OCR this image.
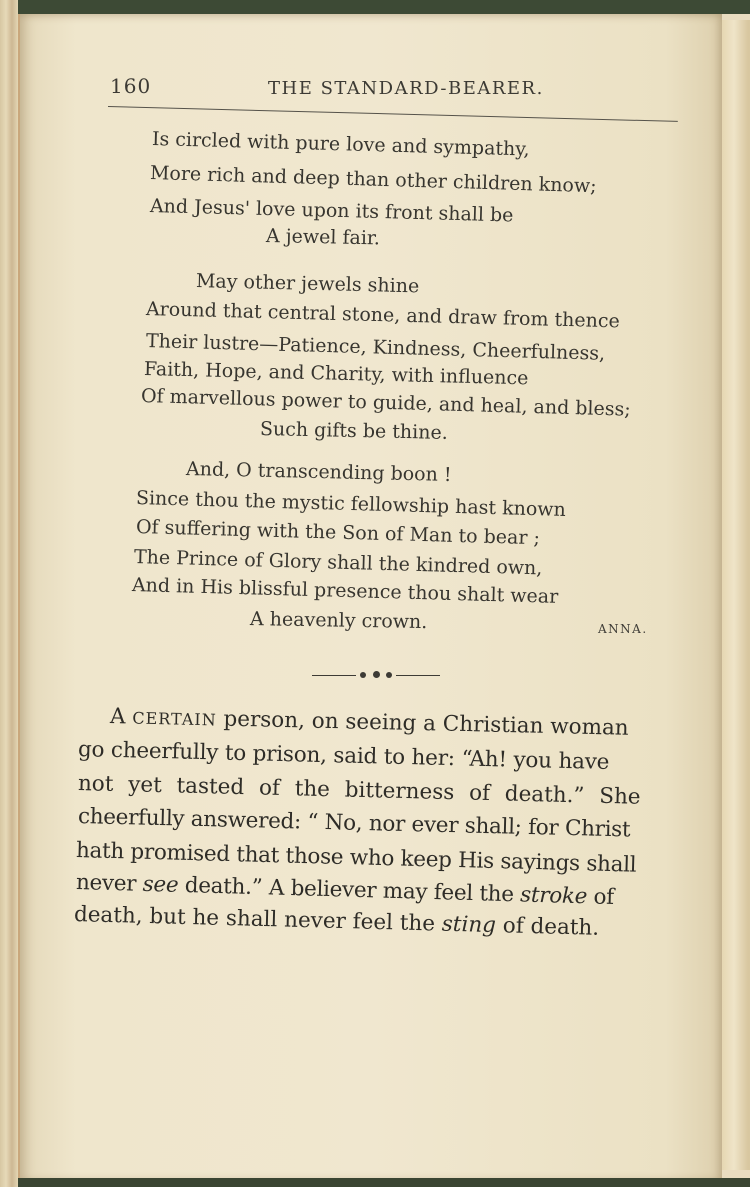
160	THE STANDARD-BEARER.
Is circled with pure love and sympathy,
More rich and deep than other children know;
And Jesus' love upon its front shall be
A jewel fair.
May other jewels shine
Around that central stone, and draw from thence
Their lustre—Patience, Kindness, Cheerfulness,
Faith, Hope, and Charity, with influence
Of marvellous power to guide, and heal, and bless;
Such gifts be thine.
And, O transcending boon !
Since thou the mystic fellowship hast known
Of suffering with the Son of Man to bear ;
The Prince of Glory shall the kindred own,
And in His blissful presence thou shalt wear
A heavenly crown.	ANNA.
A CERTAIN person, on seeing a Christian woman
go cheerfully to prison, said to her: “Ah! you have
not yet tasted of the bitterness of death.” She
cheerfully answered: “ No, nor ever shall; for Christ
hath promised that those who keep His sayings shall
never see death.” A believer may feel the stroke of
death, but he shall never feel the sting of death.
